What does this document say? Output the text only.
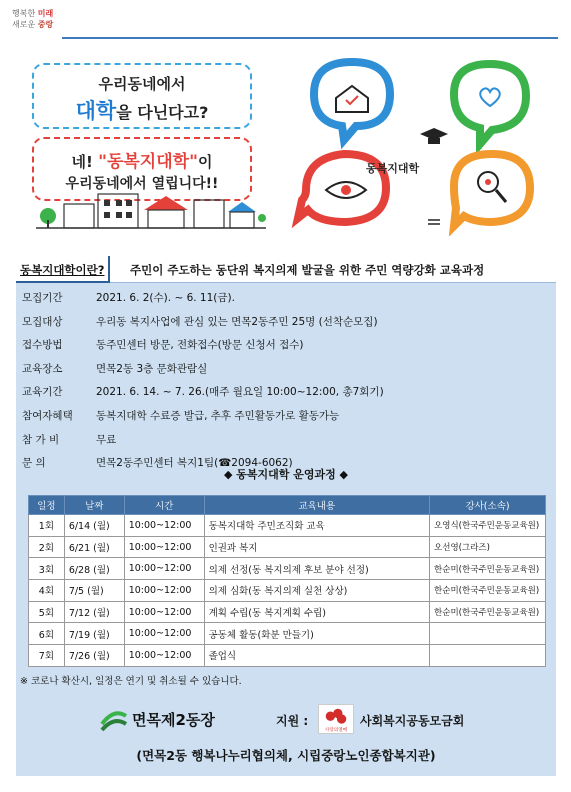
행복한 미래
새로운 중랑
우리동네에서
대학을 다닌다고?
네! "동복지대학"이
우리동네에서 열립니다!!
동복지대학
동복지대학이란?	주민이 주도하는 동단위 복지의제 발굴을 위한 주민 역량강화 교육과정
모집기간	2021. 6. 2(수). ~ 6. 11(금).
모집대상	우리동 복지사업에 관심 있는 면목2동주민 25명 (선착순모집)
접수방법	동주민센터 방문, 전화접수(방문 신청서 접수)
교육장소	면목2동 3층 문화관람실
교육기간	2021. 6. 14. ~ 7. 26.(매주 월요일 10:00~12:00, 총7회기)
참여자혜택 동복지대학 수료증 발급, 추후 주민활동가로 활동가능
참 가 비	무료
문 의	면목2동주민센터 복지1팀(☎2094-6062)
◆ 동복지대학 운영과정 ◆
일정	날짜	시간	교육내용	강사(소속)
1회	6/14 (월)	10:00~12:00	동복지대학 주민조직화 교육	오영식(한국주민운동교육원)
2회	6/21 (월)	10:00~12:00	인권과 복지	오선영(그라즈)
3회	6/28 (월)	10:00~12:00	의제 선정(동 복지의제 후보 분야 선정)	한순미(한국주민운동교육원)
4회	7/5 (월)	10:00~12:00	의제 심화(동 복지의제 실천 상상)	한순미(한국주민운동교육원)
5회	7/12 (월)	10:00~12:00	계획 수립(동 복지계획 수립)	한순미(한국주민운동교육원)
6회	7/19 (월)	10:00~12:00	공동체 활동(화분 만들기)	
7회	7/26 (월)	10:00~12:00	졸업식	
※ 코로나 확산시, 일정은 연기 및 취소될 수 있습니다.
면목제2동장	지원 :
사랑의열매
사회복지공동모금회
(면목2동 행복나누리협의체, 시립중랑노인종합복지관)
